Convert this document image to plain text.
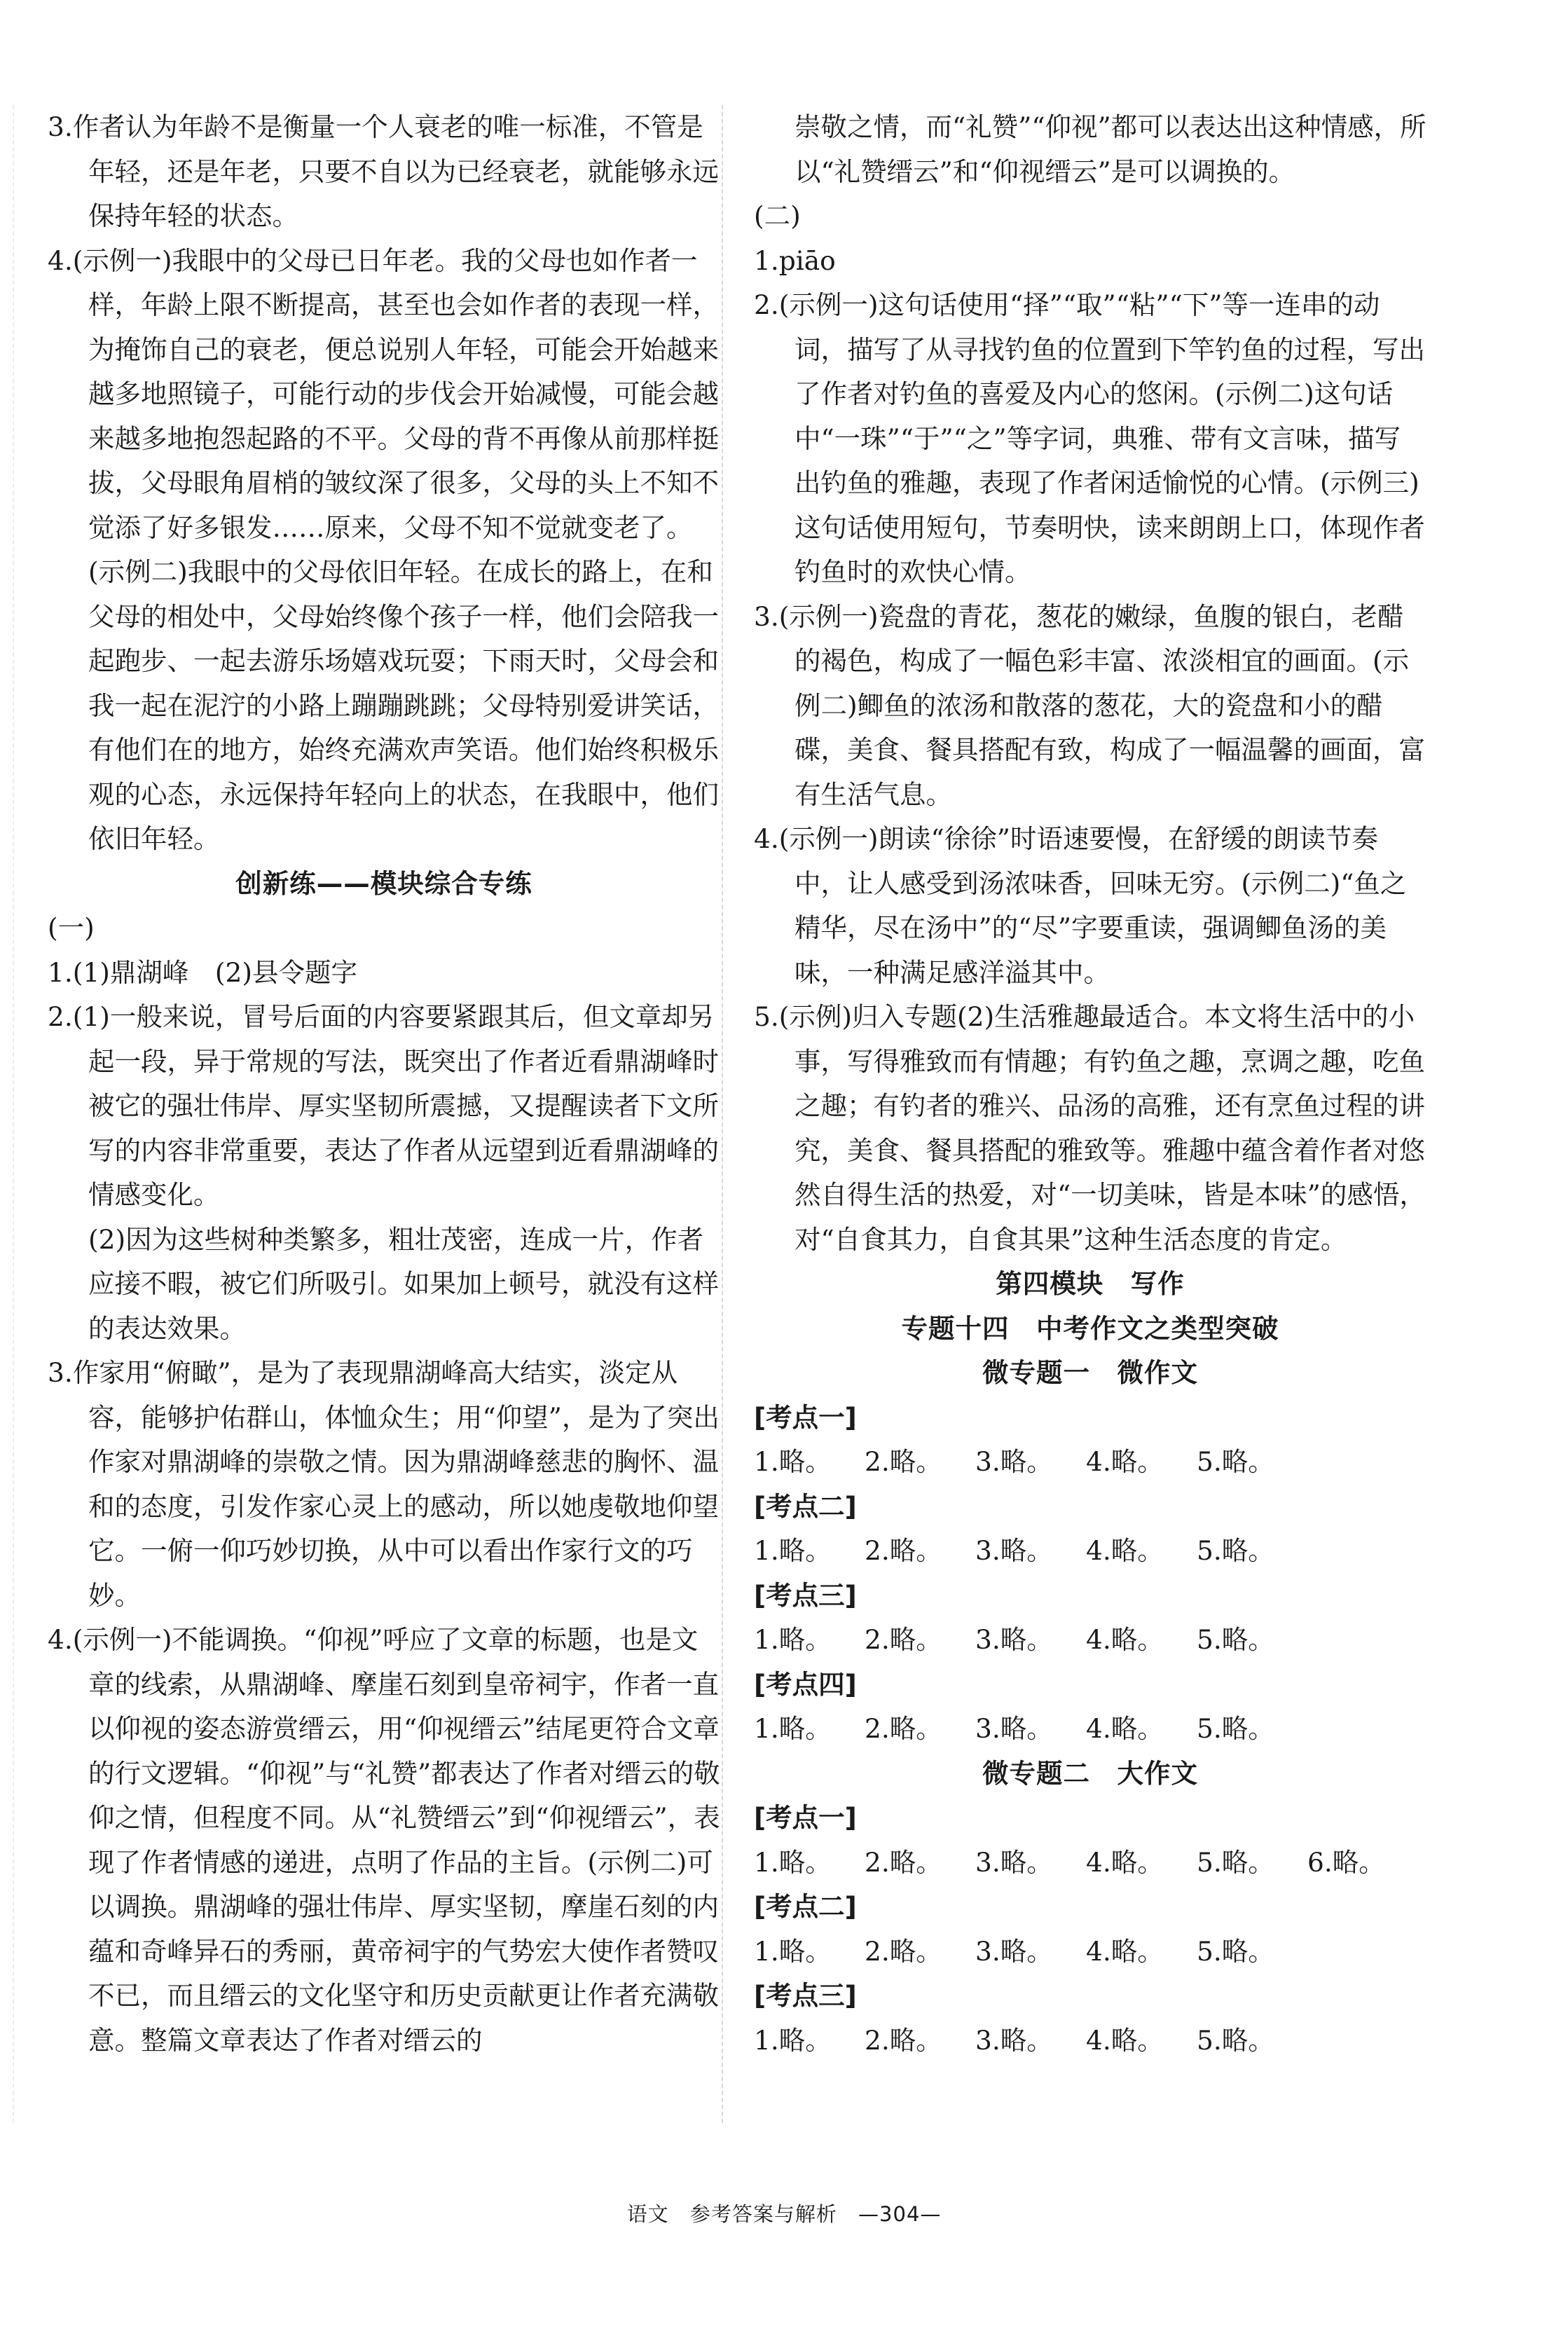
3.作者认为年龄不是衡量一个人衰老的唯一标准，不管是年轻，还是年老，只要不自以为已经衰老，就能够永远保持年轻的状态。

4.(示例一)我眼中的父母已日年老。我的父母也如作者一样，年龄上限不断提高，甚至也会如作者的表现一样，为掩饰自己的衰老，便总说别人年轻，可能会开始越来越多地照镜子，可能行动的步伐会开始减慢，可能会越来越多地抱怨起路的不平。父母的背不再像从前那样挺拔，父母眼角眉梢的皱纹深了很多，父母的头上不知不觉添了好多银发……原来，父母不知不觉就变老了。(示例二)我眼中的父母依旧年轻。在成长的路上，在和父母的相处中，父母始终像个孩子一样，他们会陪我一起跑步、一起去游乐场嬉戏玩耍；下雨天时，父母会和我一起在泥泞的小路上蹦蹦跳跳；父母特别爱讲笑话，有他们在的地方，始终充满欢声笑语。他们始终积极乐观的心态，永远保持年轻向上的状态，在我眼中，他们依旧年轻。

创新练——模块综合专练

(一)

1.(1)鼎湖峰　(2)县令题字

2.(1)一般来说，冒号后面的内容要紧跟其后，但文章却另起一段，异于常规的写法，既突出了作者近看鼎湖峰时被它的强壮伟岸、厚实坚韧所震撼，又提醒读者下文所写的内容非常重要，表达了作者从远望到近看鼎湖峰的情感变化。

(2)因为这些树种类繁多，粗壮茂密，连成一片，作者应接不暇，被它们所吸引。如果加上顿号，就没有这样的表达效果。

3.作家用“俯瞰”，是为了表现鼎湖峰高大结实，淡定从容，能够护佑群山，体恤众生；用“仰望”，是为了突出作家对鼎湖峰的崇敬之情。因为鼎湖峰慈悲的胸怀、温和的态度，引发作家心灵上的感动，所以她虔敬地仰望它。一俯一仰巧妙切换，从中可以看出作家行文的巧妙。

4.(示例一)不能调换。“仰视”呼应了文章的标题，也是文章的线索，从鼎湖峰、摩崖石刻到皇帝祠宇，作者一直以仰视的姿态游赏缙云，用“仰视缙云”结尾更符合文章的行文逻辑。“仰视”与“礼赞”都表达了作者对缙云的敬仰之情，但程度不同。从“礼赞缙云”到“仰视缙云”，表现了作者情感的递进，点明了作品的主旨。(示例二)可以调换。鼎湖峰的强壮伟岸、厚实坚韧，摩崖石刻的内蕴和奇峰异石的秀丽，黄帝祠宇的气势宏大使作者赞叹不已，而且缙云的文化坚守和历史贡献更让作者充满敬意。整篇文章表达了作者对缙云的

崇敬之情，而“礼赞”“仰视”都可以表达出这种情感，所以“礼赞缙云”和“仰视缙云”是可以调换的。

(二)

1.piāo

2.(示例一)这句话使用“择”“取”“粘”“下”等一连串的动词，描写了从寻找钓鱼的位置到下竿钓鱼的过程，写出了作者对钓鱼的喜爱及内心的悠闲。(示例二)这句话中“一珠”“于”“之”等字词，典雅、带有文言味，描写出钓鱼的雅趣，表现了作者闲适愉悦的心情。(示例三)这句话使用短句，节奏明快，读来朗朗上口，体现作者钓鱼时的欢快心情。

3.(示例一)瓷盘的青花，葱花的嫩绿，鱼腹的银白，老醋的褐色，构成了一幅色彩丰富、浓淡相宜的画面。(示例二)鲫鱼的浓汤和散落的葱花，大的瓷盘和小的醋碟，美食、餐具搭配有致，构成了一幅温馨的画面，富有生活气息。

4.(示例一)朗读“徐徐”时语速要慢，在舒缓的朗读节奏中，让人感受到汤浓味香，回味无穷。(示例二)“鱼之精华，尽在汤中”的“尽”字要重读，强调鲫鱼汤的美味，一种满足感洋溢其中。

5.(示例)归入专题(2)生活雅趣最适合。本文将生活中的小事，写得雅致而有情趣；有钓鱼之趣，烹调之趣，吃鱼之趣；有钓者的雅兴、品汤的高雅，还有烹鱼过程的讲究，美食、餐具搭配的雅致等。雅趣中蕴含着作者对悠然自得生活的热爱，对“一切美味，皆是本味”的感悟，对“自食其力，自食其果”这种生活态度的肯定。

第四模块　写作

专题十四　中考作文之类型突破

微专题一　微作文

[考点一]

1.略。	2.略。	3.略。	4.略。	5.略。

[考点二]

1.略。	2.略。	3.略。	4.略。	5.略。

[考点三]

1.略。	2.略。	3.略。	4.略。	5.略。

[考点四]

1.略。	2.略。	3.略。	4.略。	5.略。

微专题二　大作文

[考点一]

1.略。	2.略。	3.略。	4.略。	5.略。	6.略。

[考点二]

1.略。	2.略。	3.略。	4.略。	5.略。

[考点三]

1.略。	2.略。	3.略。	4.略。	5.略。
语文 参考答案与解析 —304—
